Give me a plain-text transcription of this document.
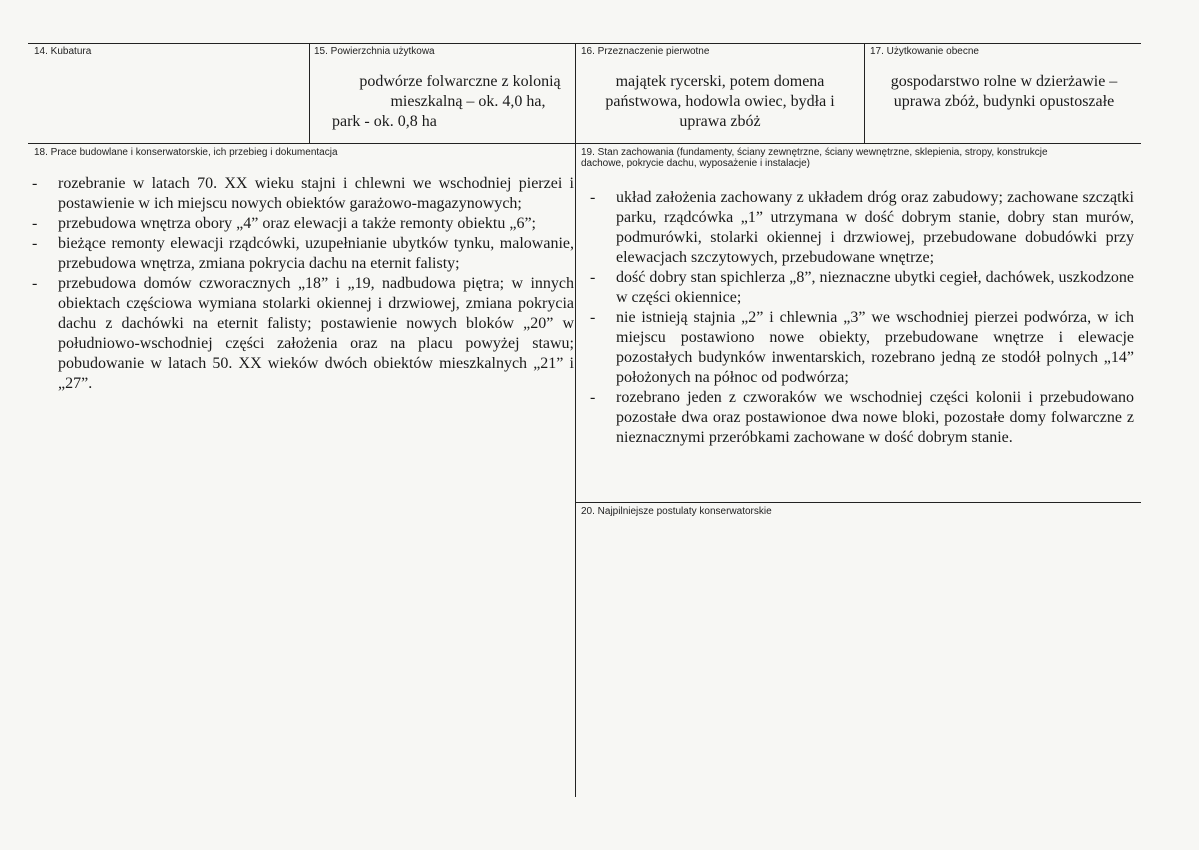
14. Kubatura	15. Powierzchnia użytkowa
podwórze folwarczne z kolonią
mieszkalną – ok. 4,0 ha,
park - ok. 0,8 ha
16. Przeznaczenie pierwotne
majątek rycerski, potem domena
państwowa, hodowla owiec, bydła i
uprawa zbóż
17. Użytkowanie obecne
gospodarstwo rolne w dzierżawie –
uprawa zbóż, budynki opustoszałe
18. Prace budowlane i konserwatorskie, ich przebieg i dokumentacja
- rozebranie w latach 70. XX wieku stajni i chlewni we wschodniej pierzei i postawienie w ich miejscu nowych obiektów garażowo-magazynowych;
- przebudowa wnętrza obory „4” oraz elewacji a także remonty obiektu „6”;
- bieżące remonty elewacji rządcówki, uzupełnianie ubytków tynku, malowanie, przebudowa wnętrza, zmiana pokrycia dachu na eternit falisty;
- przebudowa domów czworacznych „18” i „19, nadbudowa piętra; w innych obiektach częściowa wymiana stolarki okiennej i drzwiowej, zmiana pokrycia dachu z dachówki na eternit falisty; postawienie nowych bloków „20” w południowo-wschodniej części założenia oraz na placu powyżej stawu; pobudowanie w latach 50. XX wieków dwóch obiektów mieszkalnych „21” i „27”.
19. Stan zachowania (fundamenty, ściany zewnętrzne, ściany wewnętrzne, sklepienia, stropy, konstrukcje dachowe, pokrycie dachu, wyposażenie i instalacje)
- układ założenia zachowany z układem dróg oraz zabudowy; zachowane szczątki parku, rządcówka „1” utrzymana w dość dobrym stanie, dobry stan murów, podmurówki, stolarki okiennej i drzwiowej, przebudowane dobudówki przy elewacjach szczytowych, przebudowane wnętrze;
- dość dobry stan spichlerza „8”, nieznaczne ubytki cegieł, dachówek, uszkodzone w części okiennice;
- nie istnieją stajnia „2” i chlewnia „3” we wschodniej pierzei podwórza, w ich miejscu postawiono nowe obiekty, przebudowane wnętrze i elewacje pozostałych budynków inwentarskich, rozebrano jedną ze stodół polnych „14” położonych na północ od podwórza;
- rozebrano jeden z czworaków we wschodniej części kolonii i przebudowano pozostałe dwa oraz postawionoe dwa nowe bloki, pozostałe domy folwarczne z nieznacznymi przeróbkami zachowane w dość dobrym stanie.
20. Najpilniejsze postulaty konserwatorskie
